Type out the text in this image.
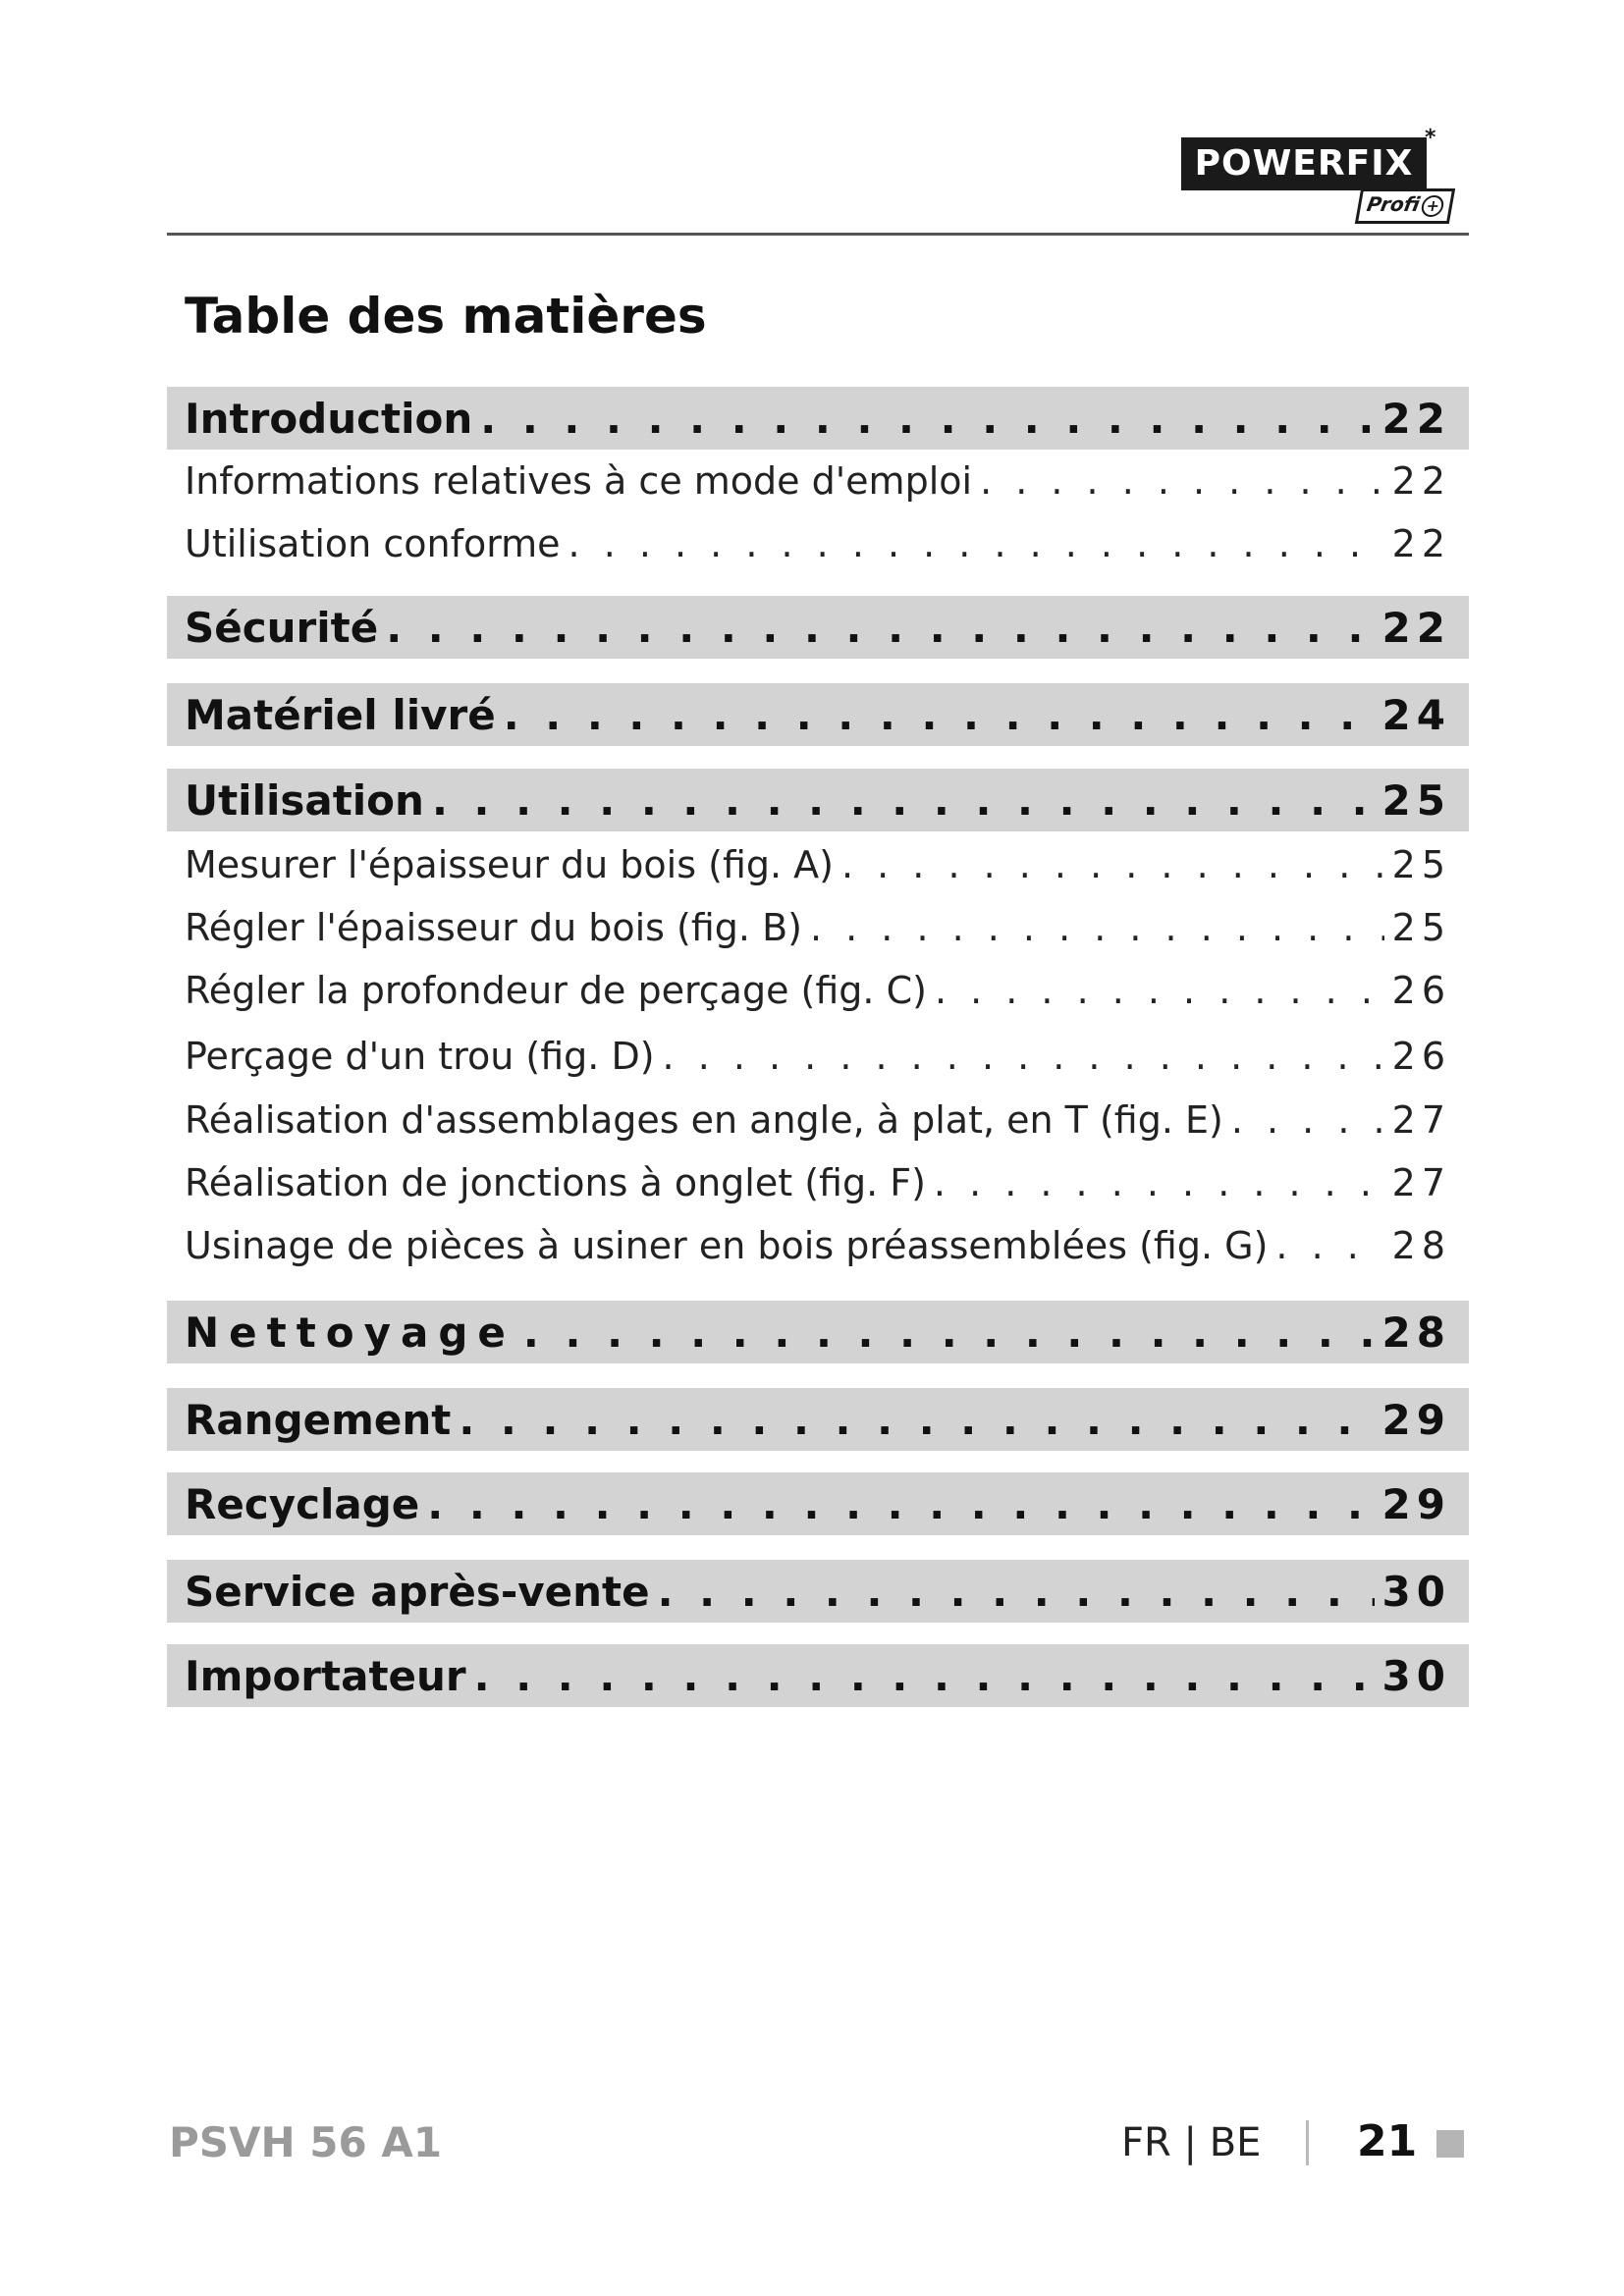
POWERFIX
*
Profi +
Table des matières
Introduction . . .	22
Informations relatives à ce mode d'emploi . . .	22
Utilisation conforme . . .	22
Sécurité . . .	22
Matériel livré . . .	24
Utilisation . . .	25
Mesurer l'épaisseur du bois (fig. A) . . .	25
Régler l'épaisseur du bois (fig. B) . . .	25
Régler la profondeur de perçage (fig. C) . . .	26
Perçage d'un trou (fig. D) . . .	26
Réalisation d'assemblages en angle, à plat, en T (fig. E) . . .	27
Réalisation de jonctions à onglet (fig. F) . . .	27
Usinage de pièces à usiner en bois préassemblées (fig. G) . . .	28
Nettoyage . . .	28
Rangement . . .	29
Recyclage . . .	29
Service après-vente . . .	30
Importateur . . .	30
PSVH 56 A1	FR | BE 21
